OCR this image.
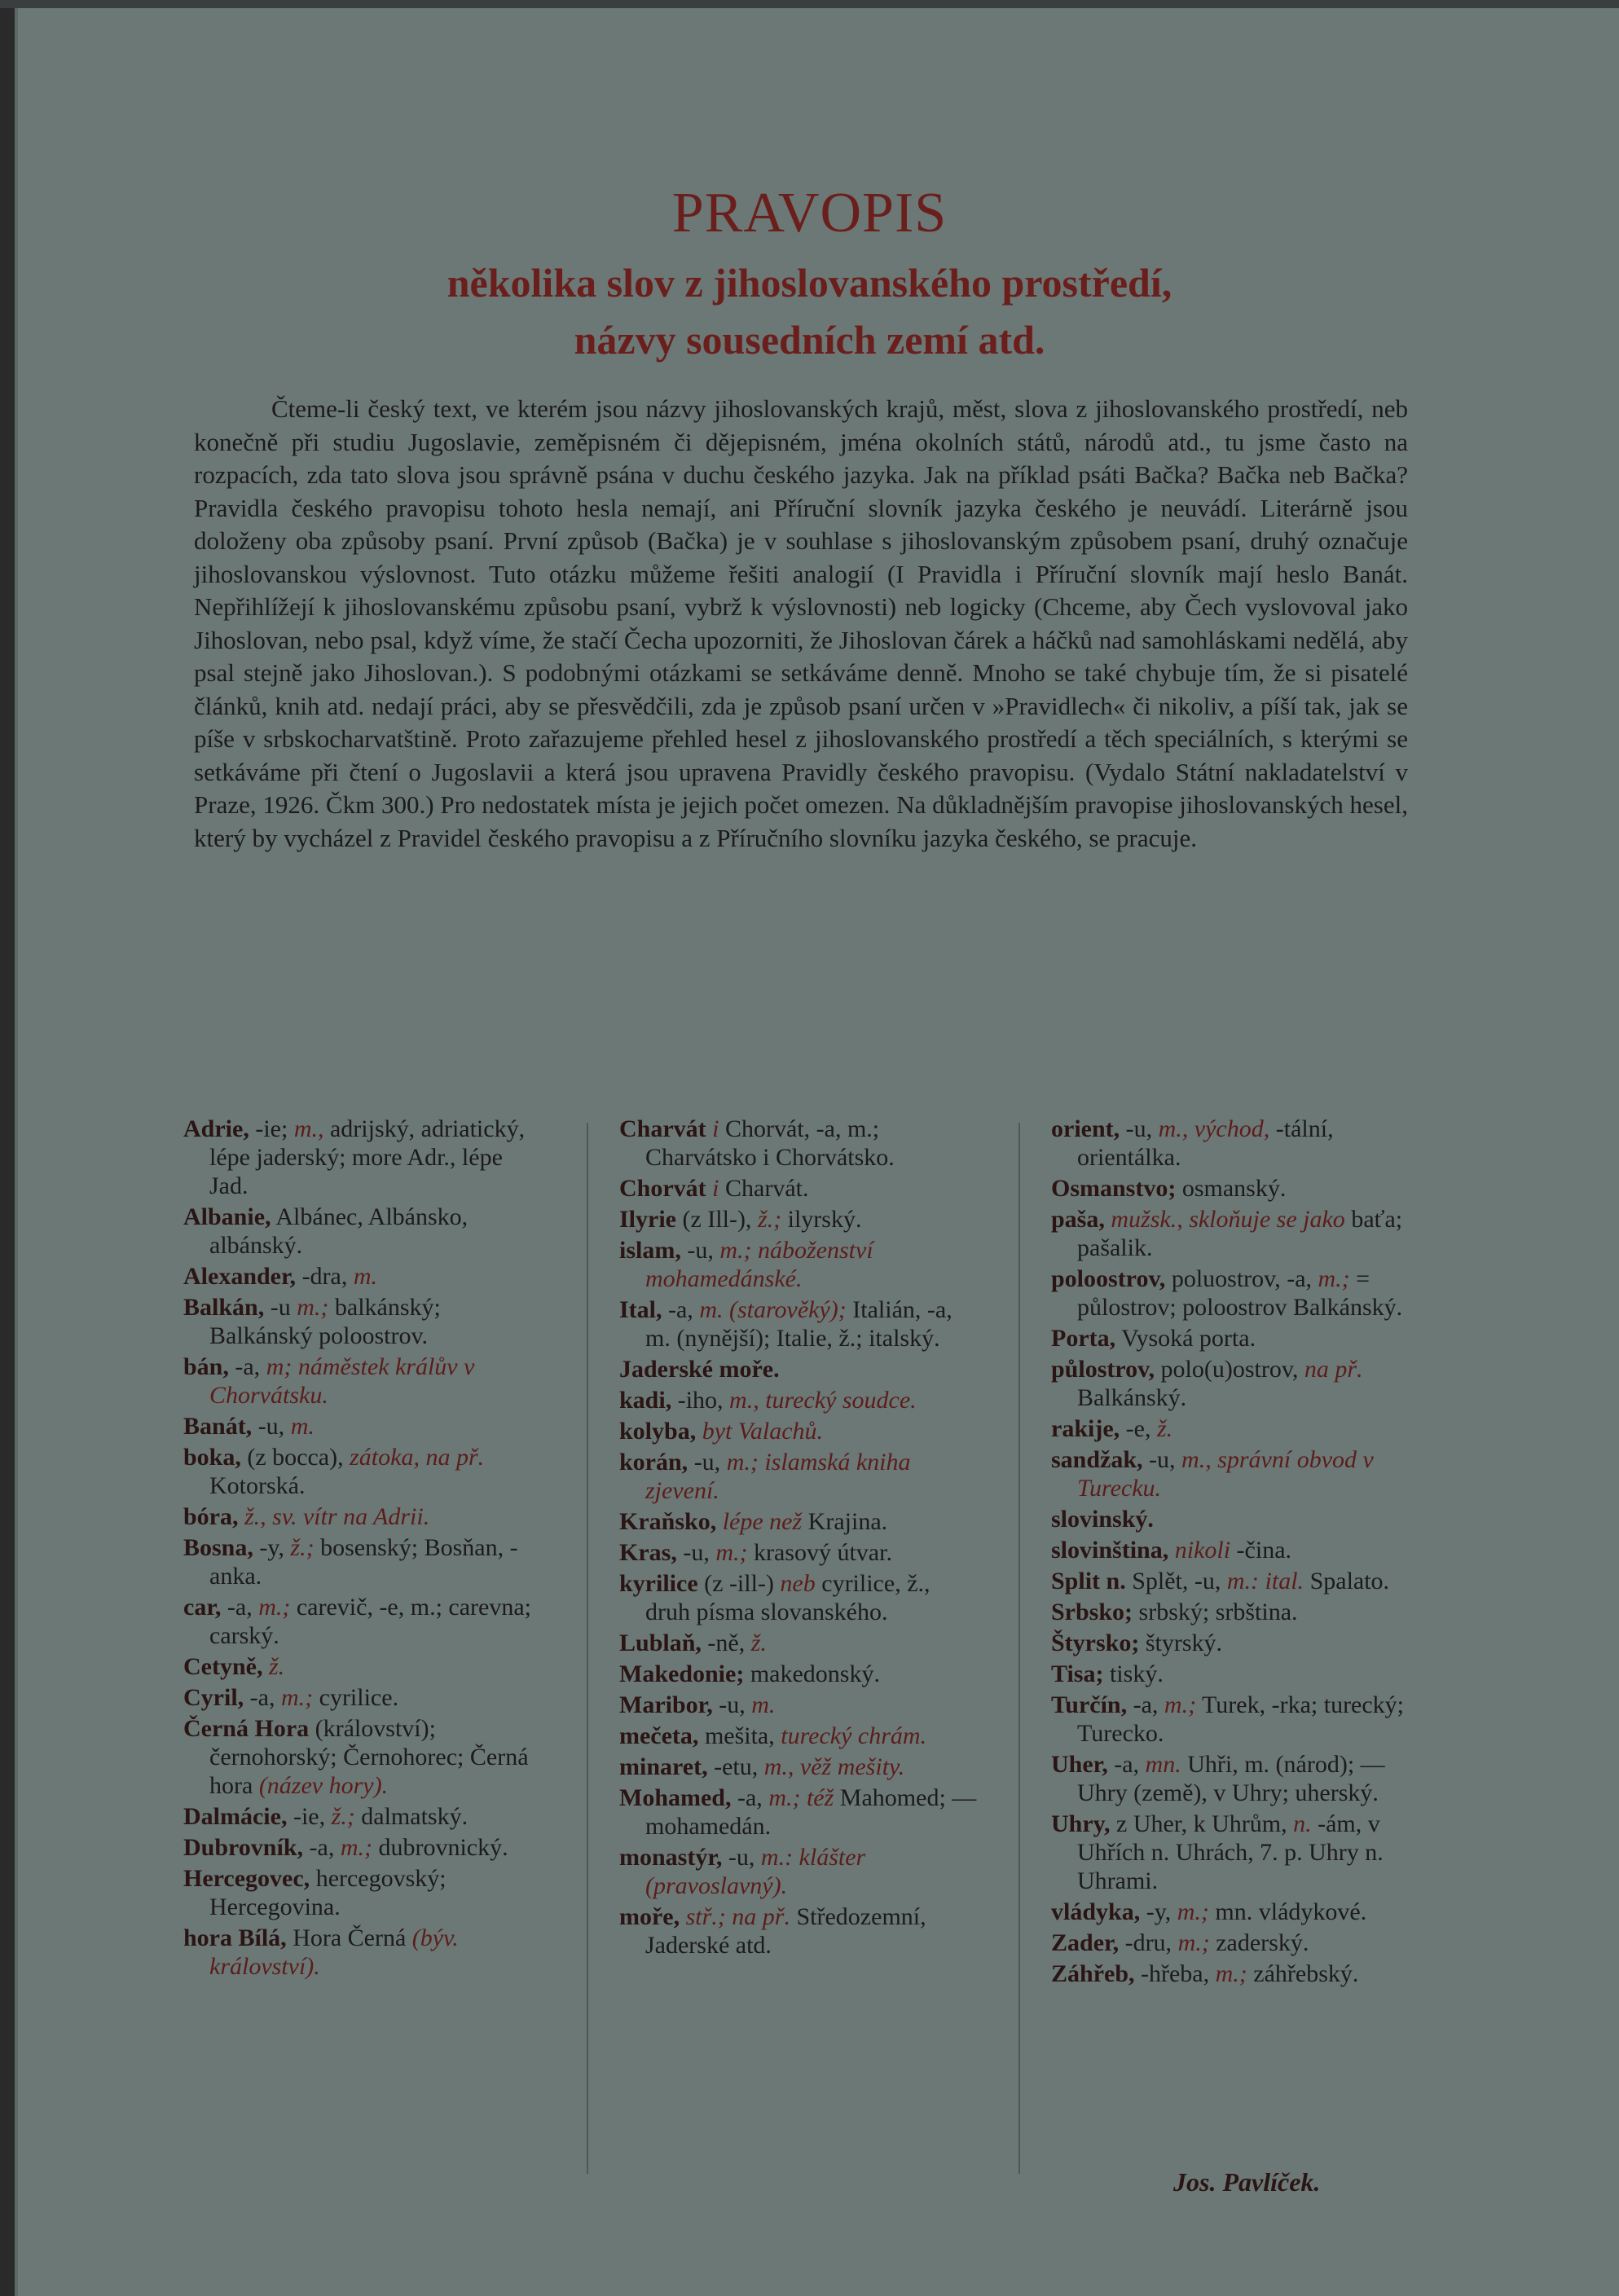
PRAVOPIS
několika slov z jihoslovanského prostředí,
názvy sousedních zemí atd.

Čteme-li český text, ve kterém jsou názvy jihoslovanských krajů, měst, slova z jihoslovanského prostředí, neb konečně při studiu Jugoslavie, zeměpisném či dějepisném, jména okolních států, národů atd., tu jsme často na rozpacích, zda tato slova jsou správně psána v duchu českého jazyka. Jak na příklad psáti Bačka? Bačka neb Bačka? Pravidla českého pravopisu tohoto hesla nemají, ani Příruční slovník jazyka českého je neuvádí. Literárně jsou doloženy oba způsoby psaní. První způsob (Bačka) je v souhlase s jihoslovanským způsobem psaní, druhý označuje jihoslovanskou výslovnost. Tuto otázku můžeme řešiti analogií (I Pravidla i Příruční slovník mají heslo Banát. Nepřihlížejí k jihoslovanskému způsobu psaní, vybrž k výslovnosti) neb logicky (Chceme, aby Čech vyslovoval jako Jihoslovan, nebo psal, když víme, že stačí Čecha upozorniti, že Jihoslovan čárek a háčků nad samohláskami nedělá, aby psal stejně jako Jihoslovan.). S podobnými otázkami se setkáváme denně. Mnoho se také chybuje tím, že si pisatelé článků, knih atd. nedají práci, aby se přesvědčili, zda je způsob psaní určen v »Pravidlech« či nikoliv, a píší tak, jak se píše v srbskocharvatštině. Proto zařazujeme přehled hesel z jihoslovanského prostředí a těch speciálních, s kterými se setkáváme při čtení o Jugoslavii a která jsou upravena Pravidly českého pravopisu. (Vydalo Státní nakladatelství v Praze, 1926. Čkm 300.) Pro nedostatek místa je jejich počet omezen. Na důkladnějším pravopise jihoslovanských hesel, který by vycházel z Pravidel českého pravopisu a z Příručního slovníku jazyka českého, se pracuje.

Adrie, -ie; m., adrijský, adriatický, lépe jaderský; more Adr., lépe Jad.

Albanie, Albánec, Albánsko, albánský.

Alexander, -dra, m.

Balkán, -u m.; balkánský; Balkánský poloostrov.

bán, -a, m; náměstek králův v Chorvátsku.

Banát, -u, m.

boka, (z bocca), zátoka, na př. Kotorská.

bóra, ž., sv. vítr na Adrii.

Bosna, -y, ž.; bosenský; Bosňan, -anka.

car, -a, m.; carevič, -e, m.; carevna; carský.

Cetyně, ž.

Cyril, -a, m.; cyrilice.

Černá Hora (království); černohorský; Černohorec; Černá hora (název hory).

Dalmácie, -ie, ž.; dalmatský.

Dubrovník, -a, m.; dubrovnický.

Hercegovec, hercegovský; Hercegovina.

hora Bílá, Hora Černá (býv. království).

Charvát i Chorvát, -a, m.; Charvátsko i Chorvátsko.

Chorvát i Charvát.

Ilyrie (z Ill-), ž.; ilyrský.

islam, -u, m.; náboženství mohamedánské.

Ital, -a, m. (starověký); Italián, -a, m. (nynější); Italie, ž.; italský.

Jaderské moře.

kadi, -iho, m., turecký soudce.

kolyba, byt Valachů.

korán, -u, m.; islamská kniha zjevení.

Kraňsko, lépe než Krajina.

Kras, -u, m.; krasový útvar.

kyrilice (z -ill-) neb cyrilice, ž., druh písma slovanského.

Lublaň, -ně, ž.

Makedonie; makedonský.

Maribor, -u, m.

mečeta, mešita, turecký chrám.

minaret, -etu, m., věž mešity.

Mohamed, -a, m.; též Mahomed; — mohamedán.

monastýr, -u, m.: klášter (pravoslavný).

moře, stř.; na př. Středozemní, Jaderské atd.

orient, -u, m., východ, -tální, orientálka.

Osmanstvo; osmanský.

paša, mužsk., skloňuje se jako baťa; pašalik.

poloostrov, poluostrov, -a, m.; = půlostrov; poloostrov Balkánský.

Porta, Vysoká porta.

půlostrov, polo(u)ostrov, na př. Balkánský.

rakije, -e, ž.

sandžak, -u, m., správní obvod v Turecku.

slovinský.

slovinština, nikoli -čina.

Split n. Splět, -u, m.: ital. Spalato.

Srbsko; srbský; srbština.

Štyrsko; štyrský.

Tisa; tiský.

Turčín, -a, m.; Turek, -rka; turecký; Turecko.

Uher, -a, mn. Uhři, m. (národ); — Uhry (země), v Uhry; uherský.

Uhry, z Uher, k Uhrům, n. -ám, v Uhřích n. Uhrách, 7. p. Uhry n. Uhrami.

vládyka, -y, m.; mn. vládykové.

Zader, -dru, m.; zaderský.

Záhřeb, -hřeba, m.; záhřebský.

Jos. Pavlíček.
